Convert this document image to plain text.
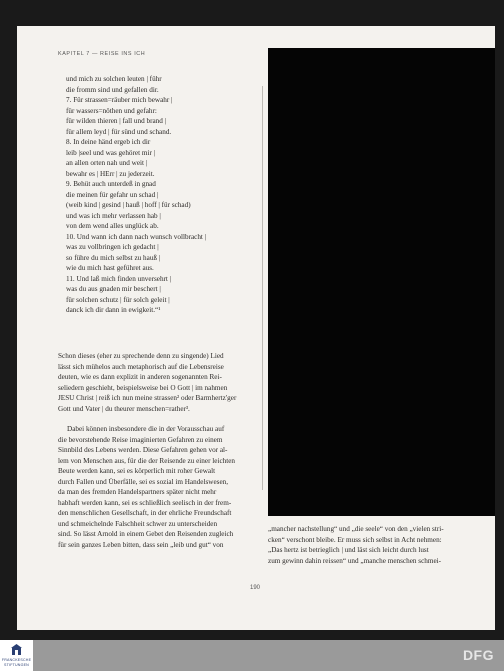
KAPITEL 7 — REISE INS ICH
und mich zu solchen leuten | führ
die fromm sind und gefallen dir.
7. Für strassen=räuber mich bewahr |
für wassers=nöthen und gefahr:
für wilden thieren | fall und brand |
für allem leyd | für sünd und schand.
8. In deine händ ergeb ich dir
leib |seel und was gehöret mir |
an allen orten nah und weit |
bewahr es | HErr | zu jederzeit.
9. Behüt auch unterdeß in gnad
die meinen für gefahr un schad |
(weib kind | gesind | hauß | hoff | für schad)
und was ich mehr verlassen hab |
von dem wend alles unglück ab.
10. Und wann ich dann nach wunsch vollbracht |
was zu vollbringen ich gedacht |
so führe du mich selbst zu hauß |
wie du mich hast geführet aus.
11. Und laß mich finden unversehrt |
was du aus gnaden mir beschert |
für solchen schutz | für solch geleit |
danck ich dir dann in ewigkeit.“¹
Schon dieses (eher zu sprechende denn zu singende) Lied
lässt sich mühelos auch metaphorisch auf die Lebensreise
deuten, wie es dann explizit in anderen sogenannten Rei-
seliedern geschieht, beispielsweise bei O Gott | im nahmen
JESU Christ | reiß ich nun meine strassen² oder Barmhertz'ger
Gott und Vater | du theurer menschen=rather³.
Dabei können insbesondere die in der Vorausschau auf
die bevorstehende Reise imaginierten Gefahren zu einem
Sinnbild des Lebens werden. Diese Gefahren gehen vor al-
lem von Menschen aus, für die der Reisende zu einer leichten
Beute werden kann, sei es körperlich mit roher Gewalt
durch Fallen und Überfälle, sei es sozial im Handelswesen,
da man des fremden Handelspartners später nicht mehr
habhaft werden kann, sei es schließlich seelisch in der frem-
den menschlichen Gesellschaft, in der ehrliche Freundschaft
und schmeichelnde Falschheit schwer zu unterscheiden
sind. So lässt Arnold in einem Gebet den Reisenden zugleich
für sein ganzes Leben bitten, dass sein „leib und gut“ von
„mancher nachstellung“ und „die seele“ von den „vielen stri-
cken“ verschont bleibe. Er muss sich selbst in Acht nehmen:
„Das hertz ist betrieglich | und läst sich leicht durch lust
zum gewinn dahin reissen“ und „manche menschen schmei-
190
FRANCKESCHE
STIFTUNGEN
DFG
